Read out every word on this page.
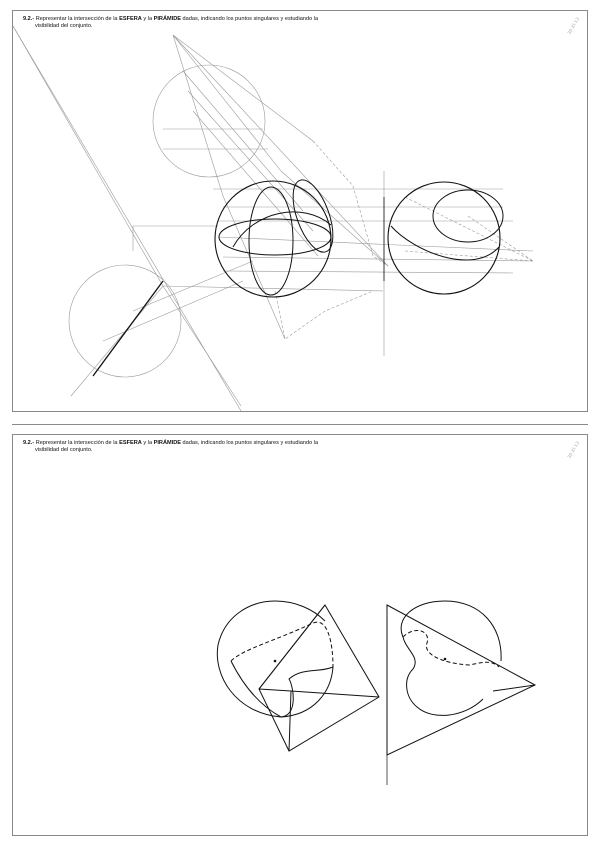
9.2.- Representar la intersección de la ESFERA y la PIRÁMIDE dadas, indicando los puntos singulares y estudiando la
visibilidad del conjunto.	30.XI.13
9.2.- Representar la intersección de la ESFERA y la PIRÁMIDE dadas, indicando los puntos singulares y estudiando la
visibilidad del conjunto.	30.XI.13
